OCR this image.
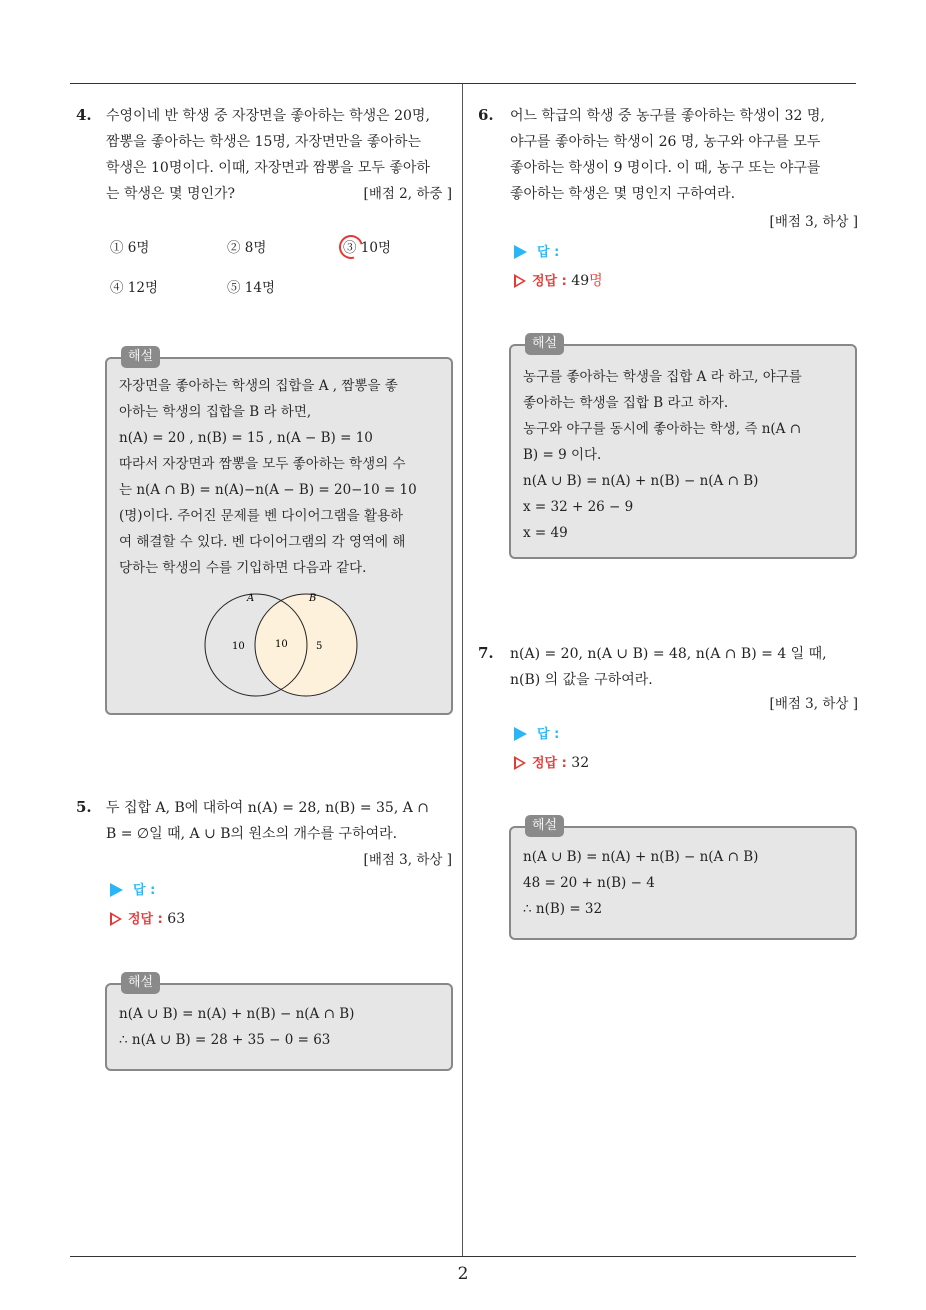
4. 수영이네 반 학생 중 자장면을 좋아하는 학생은 20명,
짬뽕을 좋아하는 학생은 15명, 자장면만을 좋아하는
학생은 10명이다. 이때, 자장면과 짬뽕을 모두 좋아하
는 학생은 몇 명인가?	[배점 2, 하중 ]
① 6명	② 8명	③ 10명
④ 12명	⑤ 14명
해설
자장면을 좋아하는 학생의 집합을 A , 짬뽕을 좋
아하는 학생의 집합을 B 라 하면,
n(A) = 20 , n(B) = 15 , n(A − B) = 10
따라서 자장면과 짬뽕을 모두 좋아하는 학생의 수
는 n(A ∩ B) = n(A)−n(A − B) = 20−10 = 10
(명)이다. 주어진 문제를 벤 다이어그램을 활용하
여 해결할 수 있다. 벤 다이어그램의 각 영역에 해
당하는 학생의 수를 기입하면 다음과 같다.
A	B
10	10	5
5. 두 집합 A, B에 대하여 n(A) = 28, n(B) = 35, A ∩
B = ∅일 때, A ∪ B의 원소의 개수를 구하여라.
[배점 3, 하상 ]
답 :
정답 : 63
해설
n(A ∪ B) = n(A) + n(B) − n(A ∩ B)
∴ n(A ∪ B) = 28 + 35 − 0 = 63
6. 어느 학급의 학생 중 농구를 좋아하는 학생이 32 명,
야구를 좋아하는 학생이 26 명, 농구와 야구를 모두
좋아하는 학생이 9 명이다. 이 때, 농구 또는 야구를
좋아하는 학생은 몇 명인지 구하여라.
[배점 3, 하상 ]
답 :
정답 : 49명
해설
농구를 좋아하는 학생을 집합 A 라 하고, 야구를
좋아하는 학생을 집합 B 라고 하자.
농구와 야구를 동시에 좋아하는 학생, 즉 n(A ∩
B) = 9 이다.
n(A ∪ B) = n(A) + n(B) − n(A ∩ B)
x = 32 + 26 − 9
x = 49
7. n(A) = 20, n(A ∪ B) = 48, n(A ∩ B) = 4 일 때,
n(B) 의 값을 구하여라.
[배점 3, 하상 ]
답 :
정답 : 32
해설
n(A ∪ B) = n(A) + n(B) − n(A ∩ B)
48 = 20 + n(B) − 4
∴ n(B) = 32
2
